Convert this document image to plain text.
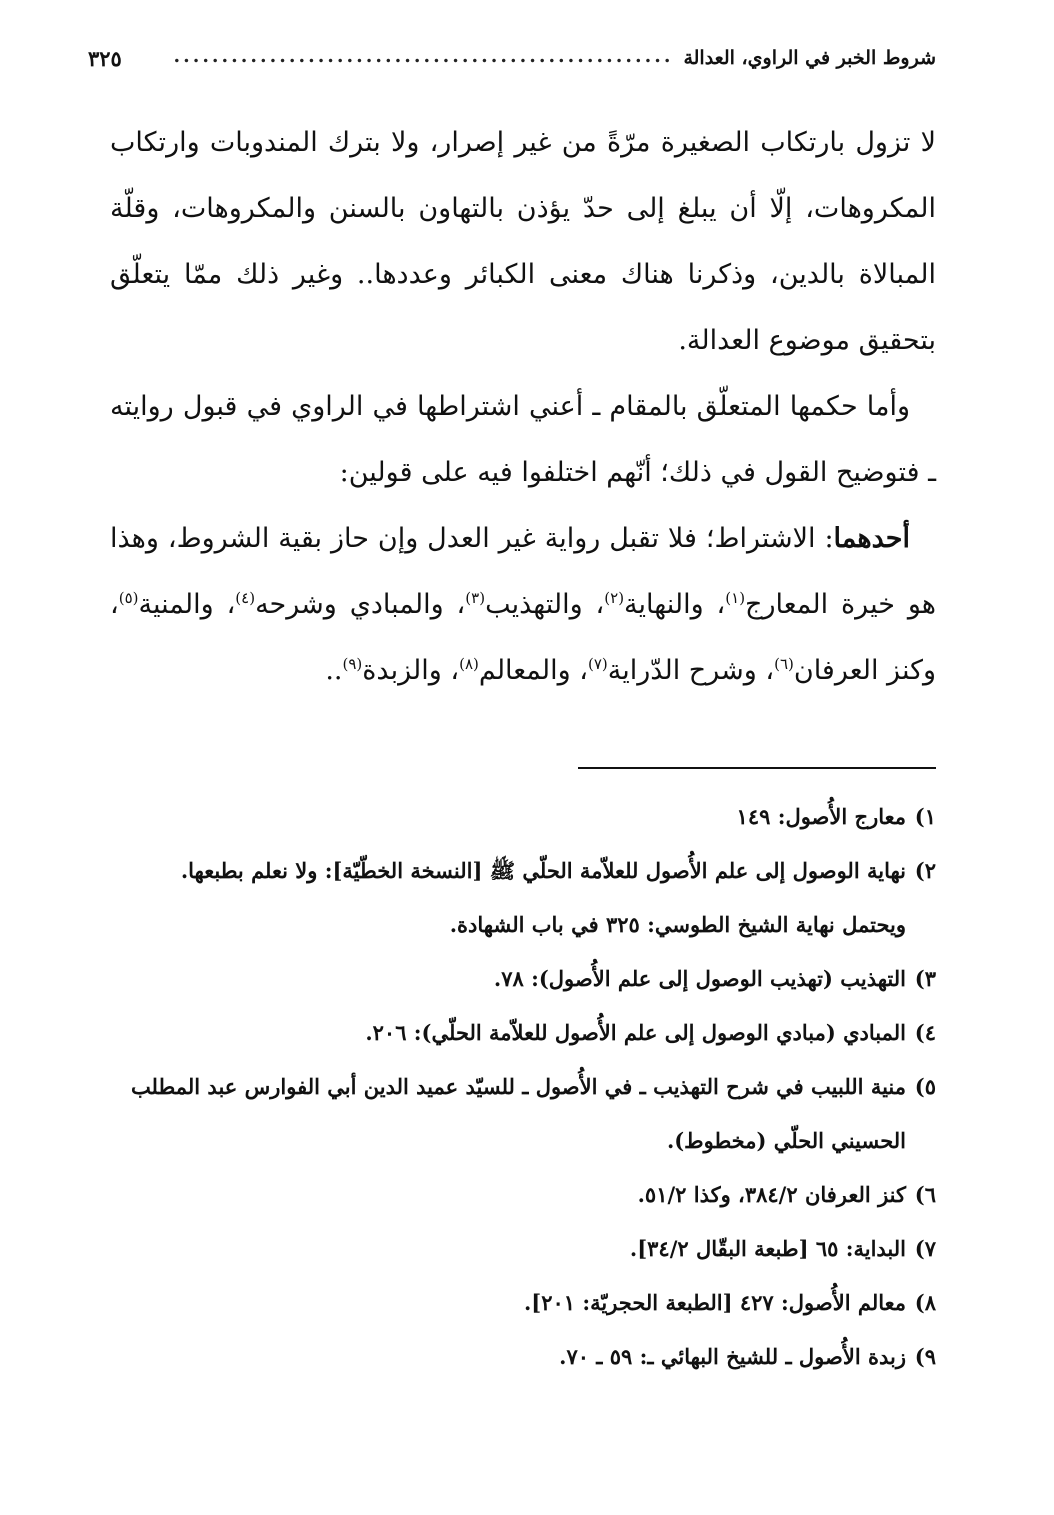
شروط الخبر في الراوي، العدالة
....................................................
٣٢٥

لا تزول بارتكاب الصغيرة مرّةً من غير إصرار، ولا بترك المندوبات وارتكاب المكروهات، إلّا أن يبلغ إلى حدّ يؤذن بالتهاون بالسنن والمكروهات، وقلّة المبالاة بالدين، وذكرنا هناك معنى الكبائر وعددها.. وغير ذلك ممّا يتعلّق بتحقيق موضوع العدالة.

وأما حكمها المتعلّق بالمقام ـ أعني اشتراطها في الراوي في قبول روايته ـ فتوضيح القول في ذلك؛ أنّهم اختلفوا فيه على قولين:

أحدهما: الاشتراط؛ فلا تقبل رواية غير العدل وإن حاز بقية الشروط، وهذا هو خيرة المعارج$^{(١)}$، والنهاية$^{(٢)}$، والتهذيب$^{(٣)}$، والمبادي وشرحه$^{(٤)}$، والمنية$^{(٥)}$، وكنز العرفان$^{(٦)}$، وشرح الدّراية$^{(٧)}$، والمعالم$^{(٨)}$، والزبدة$^{(٩)}$..

١)
معارج الأُصول: ١٤٩
٢)
نهاية الوصول إلى علم الأُصول للعلاّمة الحلّي ﷺ [النسخة الخطّيّة]: ولا نعلم بطبعها. ويحتمل نهاية الشيخ الطوسي: ٣٢٥ في باب الشهادة.
٣)
التهذيب (تهذيب الوصول إلى علم الأُصول): ٧٨.
٤)
المبادي (مبادي الوصول إلى علم الأُصول للعلاّمة الحلّي): ٢٠٦.
٥)
منية اللبيب في شرح التهذيب ـ في الأُصول ـ للسيّد عميد الدين أبي الفوارس عبد المطلب الحسيني الحلّي (مخطوط).
٦)
كنز العرفان ٣٨٤/٢، وكذا ٥١/٢.
٧)
البداية: ٦٥ [طبعة البقّال ٣٤/٢].
٨)
معالم الأُصول: ٤٢٧ [الطبعة الحجريّة: ٢٠١].
٩)
زبدة الأُصول ـ للشيخ البهائي ـ: ٥٩ ـ ٧٠.
